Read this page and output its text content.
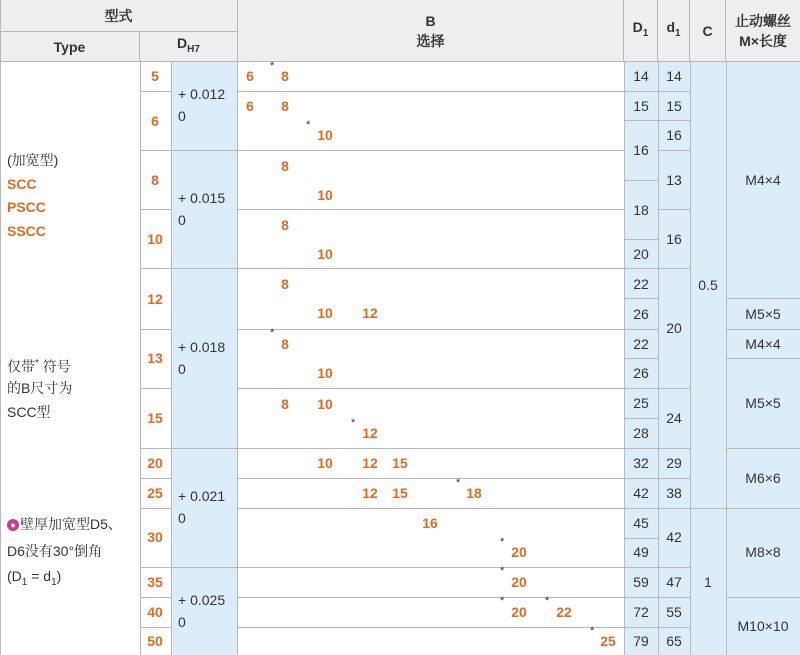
型式
Type	$D_{H7}$
B
选择
$D_1$ $d_1$ C
止动螺丝
M×长度
(加宽型)
SCC
PSCC
SSCC
仅带* 符号
的B尺寸为
SCC型
● 壁厚加宽型D5、
D6没有30°倒角
$(D_1 = d_1)$
5
6
8
10
12
13
15
20
25
30
35
40
50
+ 0.012
0
+ 0.015
0
+ 0.018
0
+ 0.021
0
+ 0.025
0
6
*
8
6 8
*
10
8
10
8
10
8
10 12
*
8
10
8 10
*
12
10 12 15
12 15
*
18
16
*
20
*
20
*
20
*
22
*
25
14
15
16
18
20
22
26
22
26
25
28
32
42
45
49
59
72
79
14
15
16
13
16
20
24
29
38
42
47
55
65
0.5
1
M4×4
M5×5
M4×4
M5×5
M6×6
M8×8
M10×10
